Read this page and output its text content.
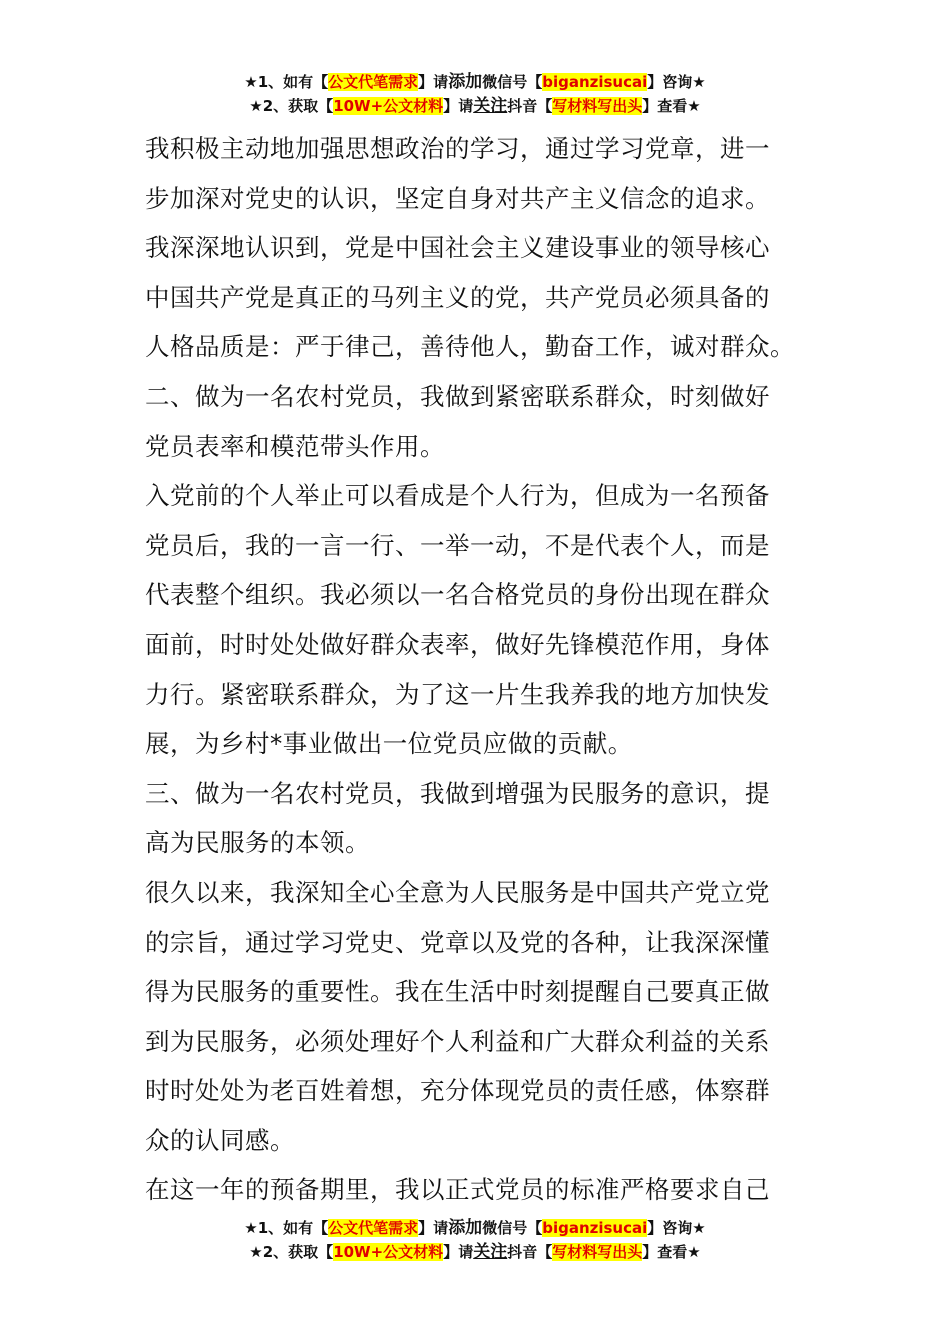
★1、如有【公文代笔需求】请添加微信号【biganzisucai】咨询★
★2、获取【10W+公文材料】请关注抖音【写材料写出头】查看★

我积极主动地加强思想政治的学习，通过学习党章，进一

步加深对党史的认识，坚定自身对共产主义信念的追求。

我深深地认识到，党是中国社会主义建设事业的领导核心

中国共产党是真正的马列主义的党，共产党员必须具备的

人格品质是：严于律己，善待他人，勤奋工作，诚对群众。

二、做为一名农村党员，我做到紧密联系群众，时刻做好

党员表率和模范带头作用。

入党前的个人举止可以看成是个人行为，但成为一名预备

党员后，我的一言一行、一举一动，不是代表个人，而是

代表整个组织。我必须以一名合格党员的身份出现在群众

面前，时时处处做好群众表率，做好先锋模范作用，身体

力行。紧密联系群众，为了这一片生我养我的地方加快发

展，为乡村*事业做出一位党员应做的贡献。

三、做为一名农村党员，我做到增强为民服务的意识，提

高为民服务的本领。

很久以来，我深知全心全意为人民服务是中国共产党立党

的宗旨，通过学习党史、党章以及党的各种，让我深深懂

得为民服务的重要性。我在生活中时刻提醒自己要真正做

到为民服务，必须处理好个人利益和广大群众利益的关系

时时处处为老百姓着想，充分体现党员的责任感，体察群

众的认同感。

在这一年的预备期里，我以正式党员的标准严格要求自己

★1、如有【公文代笔需求】请添加微信号【biganzisucai】咨询★
★2、获取【10W+公文材料】请关注抖音【写材料写出头】查看★
